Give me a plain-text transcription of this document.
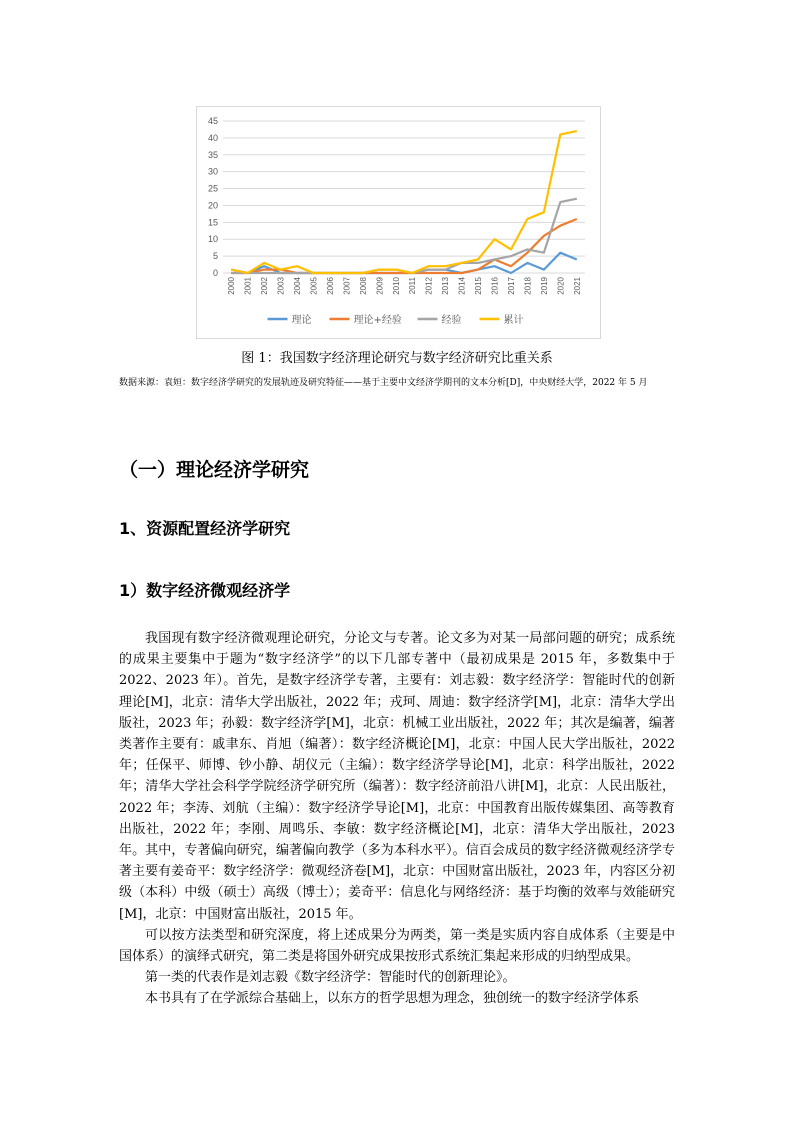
0
5
10
15
20
25
30
35
40
45
2000 2001 2002 2003 2004 2005 2006 2007 2008 2009 2010 2011 2012 2013 2014 2015 2016 2017 2018 2019 2020 2021
理论	理论+经验	经验	累计
图 1：我国数字经济理论研究与数字经济研究比重关系
数据来源：袁姮：数字经济学研究的发展轨迹及研究特征——基于主要中文经济学期刊的文本分析[D]，中央财经大学，2022 年 5 月
（一）理论经济学研究
1、资源配置经济学研究
1）数字经济微观经济学

我国现有数字经济微观理论研究，分论文与专著。论文多为对某一局部问题的研究；成系统的成果主要集中于题为“数字经济学”的以下几部专著中（最初成果是 2015 年，多数集中于 2022、2023 年）。首先，是数字经济学专著，主要有：刘志毅：数字经济学：智能时代的创新理论[M]，北京：清华大学出版社，2022 年；戎珂、周迪：数字经济学[M]，北京：清华大学出版社，2023 年；孙毅：数字经济学[M]，北京：机械工业出版社，2022 年；其次是编著，编著类著作主要有：戚聿东、肖旭（编著）：数字经济概论[M]，北京：中国人民大学出版社，2022 年；任保平、师博、钞小静、胡仪元（主编）：数字经济学导论[M]，北京：科学出版社，2022 年；清华大学社会科学学院经济学研究所（编著）：数字经济前沿八讲[M]，北京：人民出版社，2022 年；李涛、刘航（主编）：数字经济学导论[M]，北京：中国教育出版传媒集团、高等教育出版社，2022 年；李刚、周鸣乐、李敏：数字经济概论[M]，北京：清华大学出版社，2023 年。其中，专著偏向研究，编著偏向教学（多为本科水平）。信百会成员的数字经济微观经济学专著主要有姜奇平：数字经济学：微观经济卷[M]，北京：中国财富出版社，2023 年，内容区分初级（本科）中级（硕士）高级（博士）；姜奇平：信息化与网络经济：基于均衡的效率与效能研究[M]，北京：中国财富出版社，2015 年。

可以按方法类型和研究深度，将上述成果分为两类，第一类是实质内容自成体系（主要是中国体系）的演绎式研究，第二类是将国外研究成果按形式系统汇集起来形成的归纳型成果。

第一类的代表作是刘志毅《数字经济学：智能时代的创新理论》。

本书具有了在学派综合基础上，以东方的哲学思想为理念，独创统一的数字经济学体系
